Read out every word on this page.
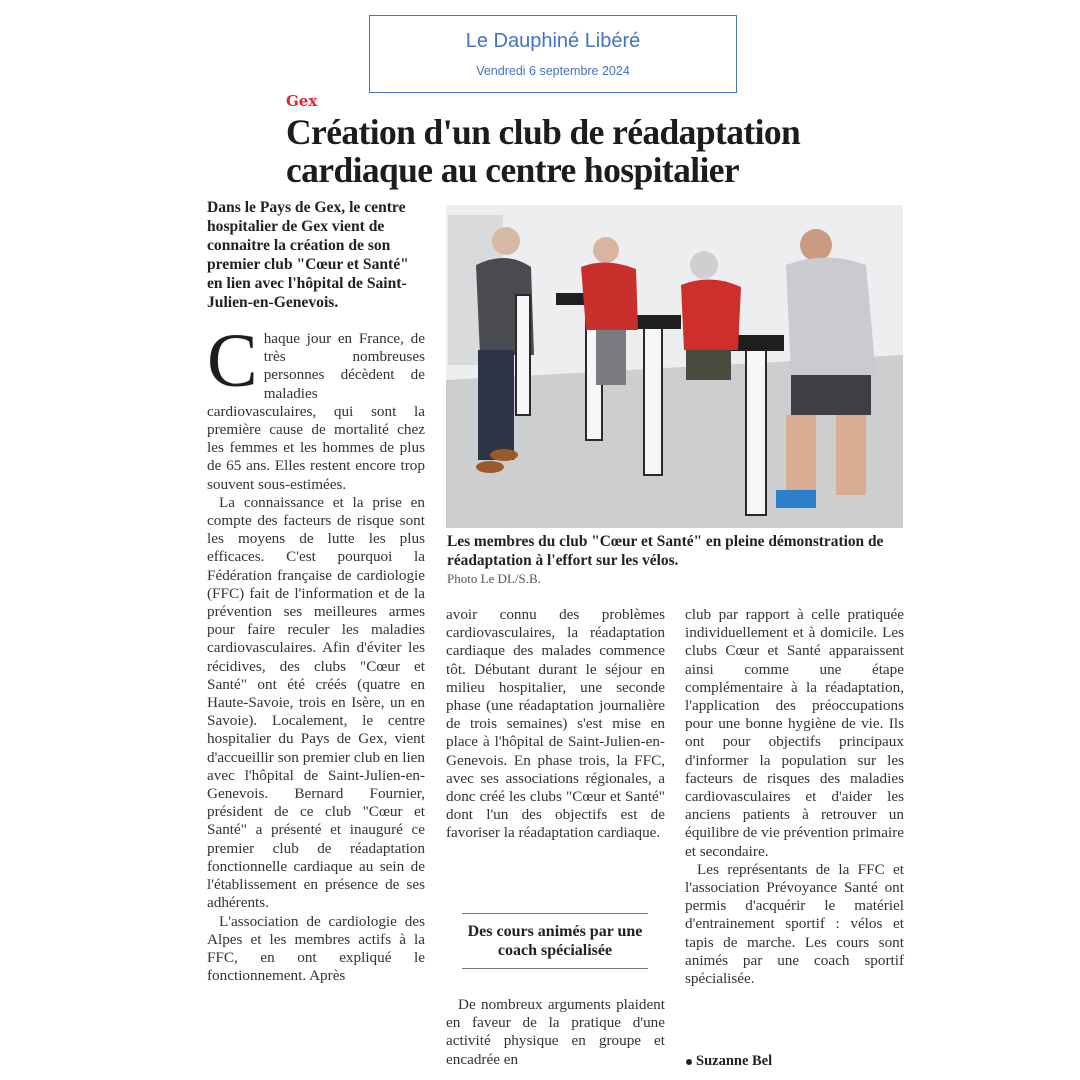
Le Dauphiné Libéré
Vendredi 6 septembre 2024
Gex
Création d'un club de réadaptation
cardiaque au centre hospitalier
Dans le Pays de Gex, le centre hospitalier de Gex vient de connaitre la création de son premier club "Cœur et Santé" en lien avec l'hôpital de Saint-Julien-en-Genevois.

Chaque jour en France, de très nombreuses personnes décèdent de maladies cardiovasculaires, qui sont la première cause de mortalité chez les femmes et les hommes de plus de 65 ans. Elles restent encore trop souvent sous-estimées.

La connaissance et la prise en compte des facteurs de risque sont les moyens de lutte les plus efficaces. C'est pourquoi la Fédération française de cardiologie (FFC) fait de l'information et de la prévention ses meilleures armes pour faire reculer les maladies cardiovasculaires. Afin d'éviter les récidives, des clubs "Cœur et Santé" ont été créés (quatre en Haute-Savoie, trois en Isère, un en Savoie). Localement, le centre hospitalier du Pays de Gex, vient d'accueillir son premier club en lien avec l'hôpital de Saint-Julien-en-Genevois. Bernard Fournier, président de ce club "Cœur et Santé" a présenté et inauguré ce premier club de réadaptation fonctionnelle cardiaque au sein de l'établissement en présence de ses adhérents.

L'association de cardiologie des Alpes et les membres actifs à la FFC, en ont expliqué le fonctionnement. Après

Les membres du club "Cœur et Santé" en pleine démonstration de réadaptation à l'effort sur les vélos.
Photo Le DL/S.B.

avoir connu des problèmes cardiovasculaires, la réadaptation cardiaque des malades commence tôt. Débutant durant le séjour en milieu hospitalier, une seconde phase (une réadaptation journalière de trois semaines) s'est mise en place à l'hôpital de Saint-Julien-en-Genevois. En phase trois, la FFC, avec ses associations régionales, a donc créé les clubs "Cœur et Santé" dont l'un des objectifs est de favoriser la réadaptation cardiaque.

Des cours animés par une coach spécialisée

De nombreux arguments plaident en faveur de la pratique d'une activité physique en groupe et encadrée en

club par rapport à celle pratiquée individuellement et à domicile. Les clubs Cœur et Santé apparaissent ainsi comme une étape complémentaire à la réadaptation, l'application des préoccupations pour une bonne hygiène de vie. Ils ont pour objectifs principaux d'informer la population sur les facteurs de risques des maladies cardiovasculaires et d'aider les anciens patients à retrouver un équilibre de vie prévention primaire et secondaire.

Les représentants de la FFC et l'association Prévoyance Santé ont permis d'acquérir le matériel d'entrainement sportif : vélos et tapis de marche. Les cours sont animés par une coach sportif spécialisée.

Suzanne Bel
